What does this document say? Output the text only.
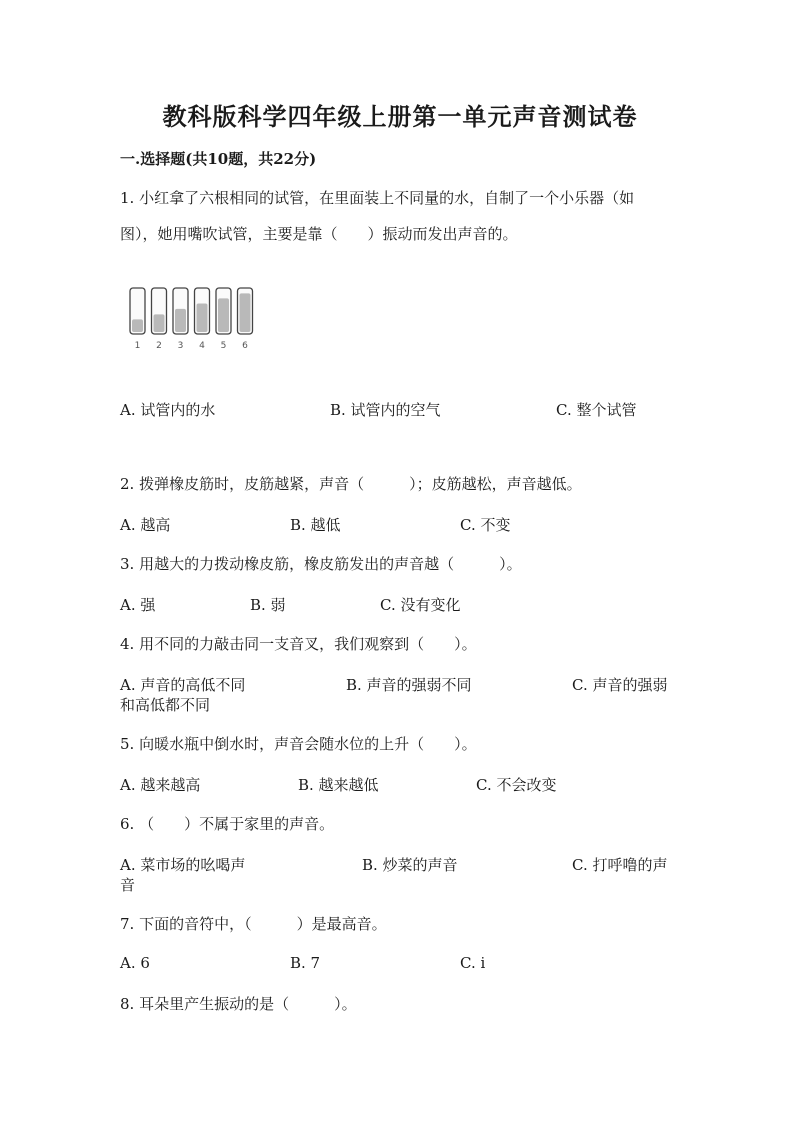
教科版科学四年级上册第一单元声音测试卷
一.选择题(共10题，共22分)
1. 小红拿了六根相同的试管，在里面装上不同量的水，自制了一个小乐器（如
图），她用嘴吹试管，主要是靠（　　）振动而发出声音的。
1 2 3 4 5 6
A. 试管内的水	B. 试管内的空气	C. 整个试管
2. 拨弹橡皮筋时，皮筋越紧，声音（　　　）；皮筋越松，声音越低。
A. 越高	B. 越低	C. 不变
3. 用越大的力拨动橡皮筋，橡皮筋发出的声音越（　　　）。
A. 强	B. 弱	C. 没有变化
4. 用不同的力敲击同一支音叉，我们观察到（　　）。
A. 声音的高低不同	B. 声音的强弱不同	C. 声音的强弱
和高低都不同
5. 向暖水瓶中倒水时，声音会随水位的上升（　　）。
A. 越来越高	B. 越来越低	C. 不会改变
6. （　　）不属于家里的声音。
A. 菜市场的吆喝声	B. 炒菜的声音	C. 打呼噜的声
音
7. 下面的音符中，（　　　）是最高音。
A. 6	B. 7	C. i
8. 耳朵里产生振动的是（　　　）。
